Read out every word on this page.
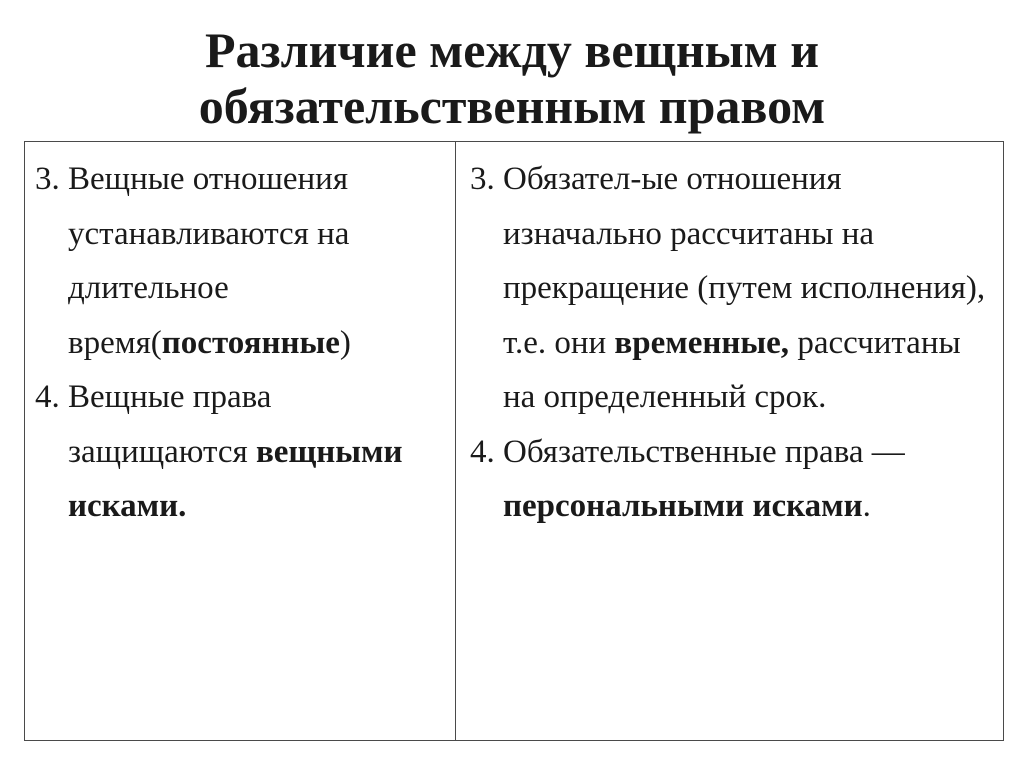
Различие между вещным и
обязательственным правом

3. Вещные отношения устанавливаются на длительное время(постоянные)

4. Вещные права защищаются вещными исками.

3. Обязател-ые отношения изначально рассчитаны на прекращение (путем исполнения), т.е. они временные, рассчитаны на определенный срок.

4. Обязательственные права — персональными исками.
